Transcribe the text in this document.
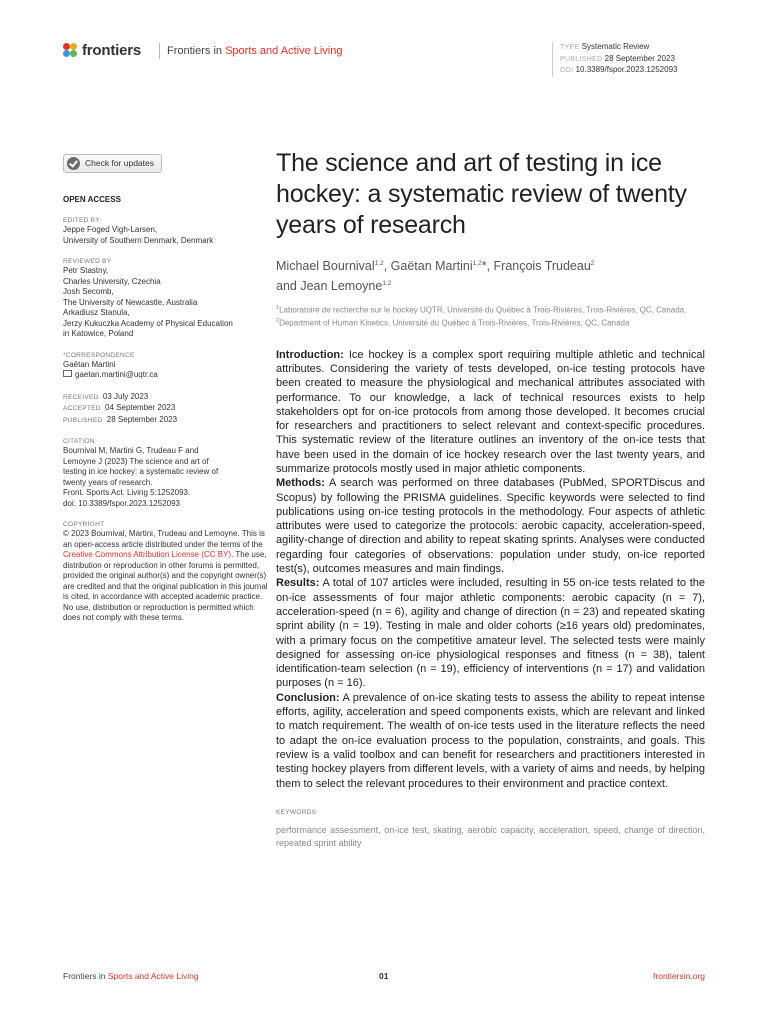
frontiers Frontiers in Sports and Active Living	TYPE Systematic Review
PUBLISHED 28 September 2023
DOI 10.3389/fspor.2023.1252093
Check for updates
OPEN ACCESS
EDITED BY
Jeppe Foged Vigh-Larsen,
University of Southern Denmark, Denmark
REVIEWED BY
Petr Stastny,
Charles University, Czechia
Josh Secomb,
The University of Newcastle, Australia
Arkadiusz Stanula,
Jerzy Kukuczka Academy of Physical Education
in Katowice, Poland
*CORRESPONDENCE
Gaëtan Martini
gaetan.martini@uqtr.ca
RECEIVED 03 July 2023
ACCEPTED 04 September 2023
PUBLISHED 28 September 2023
CITATION
Bournival M, Martini G, Trudeau F and
Lemoyne J (2023) The science and art of
testing in ice hockey: a systematic review of
twenty years of research.
Front. Sports Act. Living 5:1252093.
doi: 10.3389/fspor.2023.1252093
COPYRIGHT
© 2023 Bournival, Martini, Trudeau and Lemoyne. This is an open-access article distributed under the terms of the Creative Commons Attribution License (CC BY). The use, distribution or reproduction in other forums is permitted, provided the original author(s) and the copyright owner(s) are credited and that the original publication in this journal is cited, in accordance with accepted academic practice. No use, distribution or reproduction is permitted which does not comply with these terms.
The science and art of testing in ice hockey: a systematic review of twenty years of research
Michael Bournival$^{1,2}$, Gaëtan Martini$^{1,2}$*, François Trudeau$^2$
and Jean Lemoyne$^{1,2}$
$^1$Laboratoire de recherche sur le hockey UQTR, Université du Québec à Trois-Rivières, Trois-Rivières, QC, Canada, $^2$Department of Human Kinetics, Université du Québec à Trois-Rivières, Trois-Rivières, QC, Canada

Introduction: Ice hockey is a complex sport requiring multiple athletic and technical attributes. Considering the variety of tests developed, on-ice testing protocols have been created to measure the physiological and mechanical attributes associated with performance. To our knowledge, a lack of technical resources exists to help stakeholders opt for on-ice protocols from among those developed. It becomes crucial for researchers and practitioners to select relevant and context-specific procedures. This systematic review of the literature outlines an inventory of the on-ice tests that have been used in the domain of ice hockey research over the last twenty years, and summarize protocols mostly used in major athletic components.

Methods: A search was performed on three databases (PubMed, SPORTDiscus and Scopus) by following the PRISMA guidelines. Specific keywords were selected to find publications using on-ice testing protocols in the methodology. Four aspects of athletic attributes were used to categorize the protocols: aerobic capacity, acceleration-speed, agility-change of direction and ability to repeat skating sprints. Analyses were conducted regarding four categories of observations: population under study, on-ice reported test(s), outcomes measures and main findings.

Results: A total of 107 articles were included, resulting in 55 on-ice tests related to the on-ice assessments of four major athletic components: aerobic capacity (n = 7), acceleration-speed (n = 6), agility and change of direction (n = 23) and repeated skating sprint ability (n = 19). Testing in male and older cohorts (≥16 years old) predominates, with a primary focus on the competitive amateur level. The selected tests were mainly designed for assessing on-ice physiological responses and fitness (n = 38), talent identification-team selection (n = 19), efficiency of interventions (n = 17) and validation purposes (n = 16).

Conclusion: A prevalence of on-ice skating tests to assess the ability to repeat intense efforts, agility, acceleration and speed components exists, which are relevant and linked to match requirement. The wealth of on-ice tests used in the literature reflects the need to adapt the on-ice evaluation process to the population, constraints, and goals. This review is a valid toolbox and can benefit for researchers and practitioners interested in testing hockey players from different levels, with a variety of aims and needs, by helping them to select the relevant procedures to their environment and practice context.

KEYWORDS
performance assessment, on-ice test, skating, aerobic capacity, acceleration, speed, change of direction, repeated sprint ability
Frontiers in Sports and Active Living	01	frontiersin.org
